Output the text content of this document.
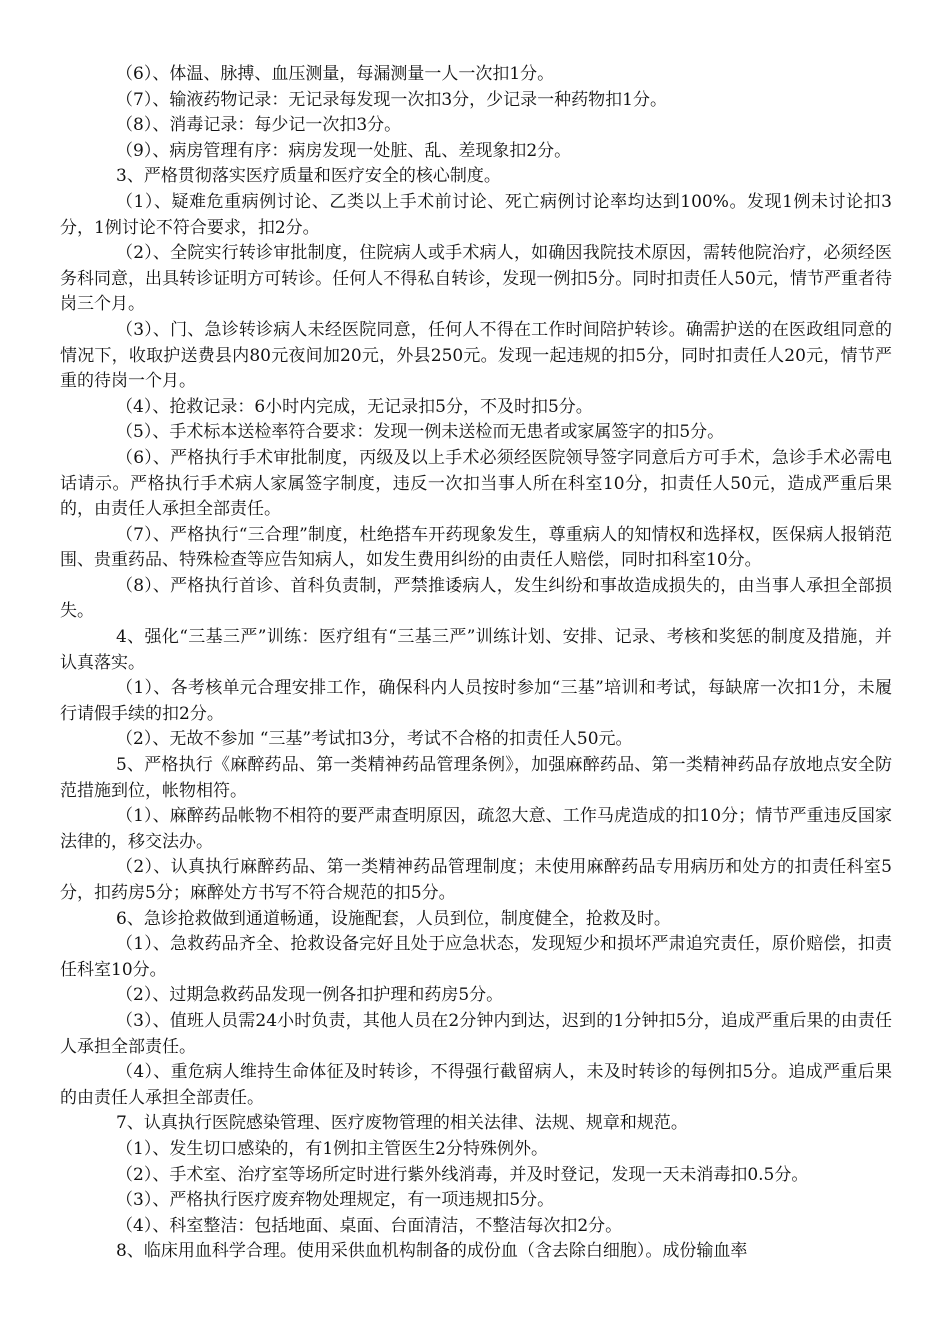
（6）、体温、脉搏、血压测量，每漏测量一人一次扣1分。

（7）、输液药物记录：无记录每发现一次扣3分，少记录一种药物扣1分。

（8）、消毒记录：每少记一次扣3分。

（9）、病房管理有序：病房发现一处脏、乱、差现象扣2分。

3、严格贯彻落实医疗质量和医疗安全的核心制度。

（1）、疑难危重病例讨论、乙类以上手术前讨论、死亡病例讨论率均达到100%。发现1例未讨论扣3分，1例讨论不符合要求，扣2分。

（2）、全院实行转诊审批制度，住院病人或手术病人，如确因我院技术原因，需转他院治疗，必须经医务科同意，出具转诊证明方可转诊。任何人不得私自转诊，发现一例扣5分。同时扣责任人50元，情节严重者待岗三个月。

（3）、门、急诊转诊病人未经医院同意，任何人不得在工作时间陪护转诊。确需护送的在医政组同意的情况下，收取护送费县内80元夜间加20元，外县250元。发现一起违规的扣5分，同时扣责任人20元，情节严重的待岗一个月。

（4）、抢救记录：6小时内完成，无记录扣5分，不及时扣5分。

（5）、手术标本送检率符合要求：发现一例未送检而无患者或家属签字的扣5分。

（6）、严格执行手术审批制度，丙级及以上手术必须经医院领导签字同意后方可手术，急诊手术必需电话请示。严格执行手术病人家属签字制度，违反一次扣当事人所在科室10分，扣责任人50元，造成严重后果的，由责任人承担全部责任。

（7）、严格执行“三合理”制度，杜绝搭车开药现象发生，尊重病人的知情权和选择权，医保病人报销范围、贵重药品、特殊检查等应告知病人，如发生费用纠纷的由责任人赔偿，同时扣科室10分。

（8）、严格执行首诊、首科负责制，严禁推诿病人，发生纠纷和事故造成损失的，由当事人承担全部损失。

4、强化“三基三严”训练：医疗组有“三基三严”训练计划、安排、记录、考核和奖惩的制度及措施，并认真落实。

（1）、各考核单元合理安排工作，确保科内人员按时参加“三基”培训和考试，每缺席一次扣1分，未履行请假手续的扣2分。

（2）、无故不参加 “三基”考试扣3分，考试不合格的扣责任人50元。

5、严格执行《麻醉药品、第一类精神药品管理条例》，加强麻醉药品、第一类精神药品存放地点安全防范措施到位，帐物相符。

（1）、麻醉药品帐物不相符的要严肃查明原因，疏忽大意、工作马虎造成的扣10分；情节严重违反国家法律的，移交法办。

（2）、认真执行麻醉药品、第一类精神药品管理制度；未使用麻醉药品专用病历和处方的扣责任科室5分，扣药房5分；麻醉处方书写不符合规范的扣5分。

6、急诊抢救做到通道畅通，设施配套，人员到位，制度健全，抢救及时。

（1）、急救药品齐全、抢救设备完好且处于应急状态，发现短少和损坏严肃追究责任，原价赔偿，扣责任科室10分。

（2）、过期急救药品发现一例各扣护理和药房5分。

（3）、值班人员需24小时负责，其他人员在2分钟内到达，迟到的1分钟扣5分，追成严重后果的由责任人承担全部责任。

（4）、重危病人维持生命体征及时转诊，不得强行截留病人，未及时转诊的每例扣5分。追成严重后果的由责任人承担全部责任。

7、认真执行医院感染管理、医疗废物管理的相关法律、法规、规章和规范。

（1）、发生切口感染的，有1例扣主管医生2分特殊例外。

（2）、手术室、治疗室等场所定时进行紫外线消毒，并及时登记，发现一天未消毒扣0.5分。

（3）、严格执行医疗废弃物处理规定，有一项违规扣5分。

（4）、科室整洁：包括地面、桌面、台面清洁，不整洁每次扣2分。

8、临床用血科学合理。使用采供血机构制备的成份血（含去除白细胞）。成份输血率
